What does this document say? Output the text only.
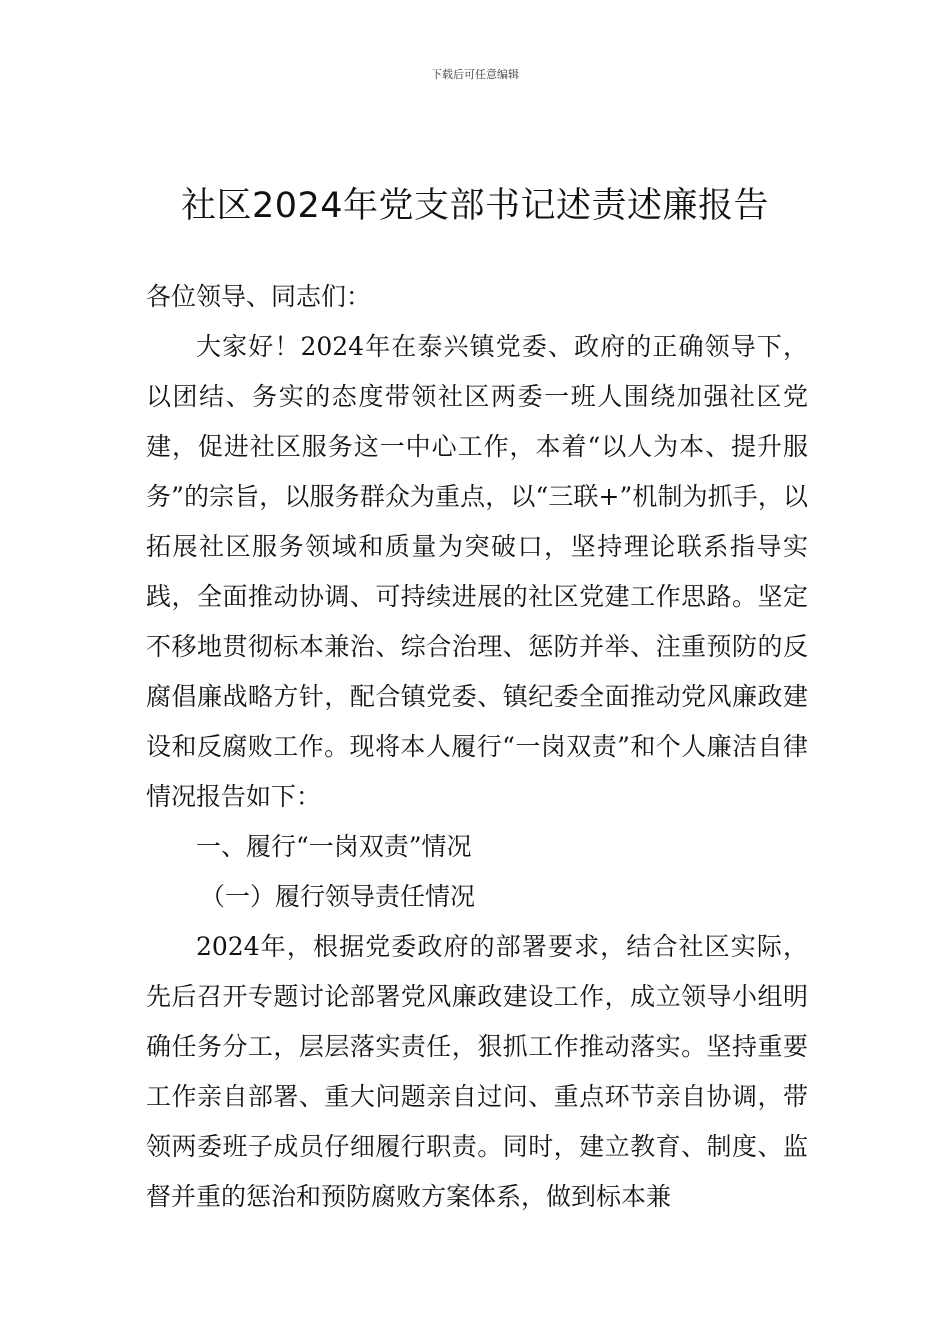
下载后可任意编辑
社区2024年党支部书记述责述廉报告

各位领导、同志们：

大家好！2024年在泰兴镇党委、政府的正确领导下，以团结、务实的态度带领社区两委一班人围绕加强社区党建，促进社区服务这一中心工作，本着“以人为本、提升服务”的宗旨，以服务群众为重点，以“三联+”机制为抓手，以拓展社区服务领域和质量为突破口，坚持理论联系指导实践，全面推动协调、可持续进展的社区党建工作思路。坚定不移地贯彻标本兼治、综合治理、惩防并举、注重预防的反腐倡廉战略方针，配合镇党委、镇纪委全面推动党风廉政建设和反腐败工作。现将本人履行“一岗双责”和个人廉洁自律情况报告如下：

一、履行“一岗双责”情况

（一）履行领导责任情况

2024年，根据党委政府的部署要求，结合社区实际，先后召开专题讨论部署党风廉政建设工作，成立领导小组明确任务分工，层层落实责任，狠抓工作推动落实。坚持重要工作亲自部署、重大问题亲自过问、重点环节亲自协调，带领两委班子成员仔细履行职责。同时，建立教育、制度、监督并重的惩治和预防腐败方案体系，做到标本兼
